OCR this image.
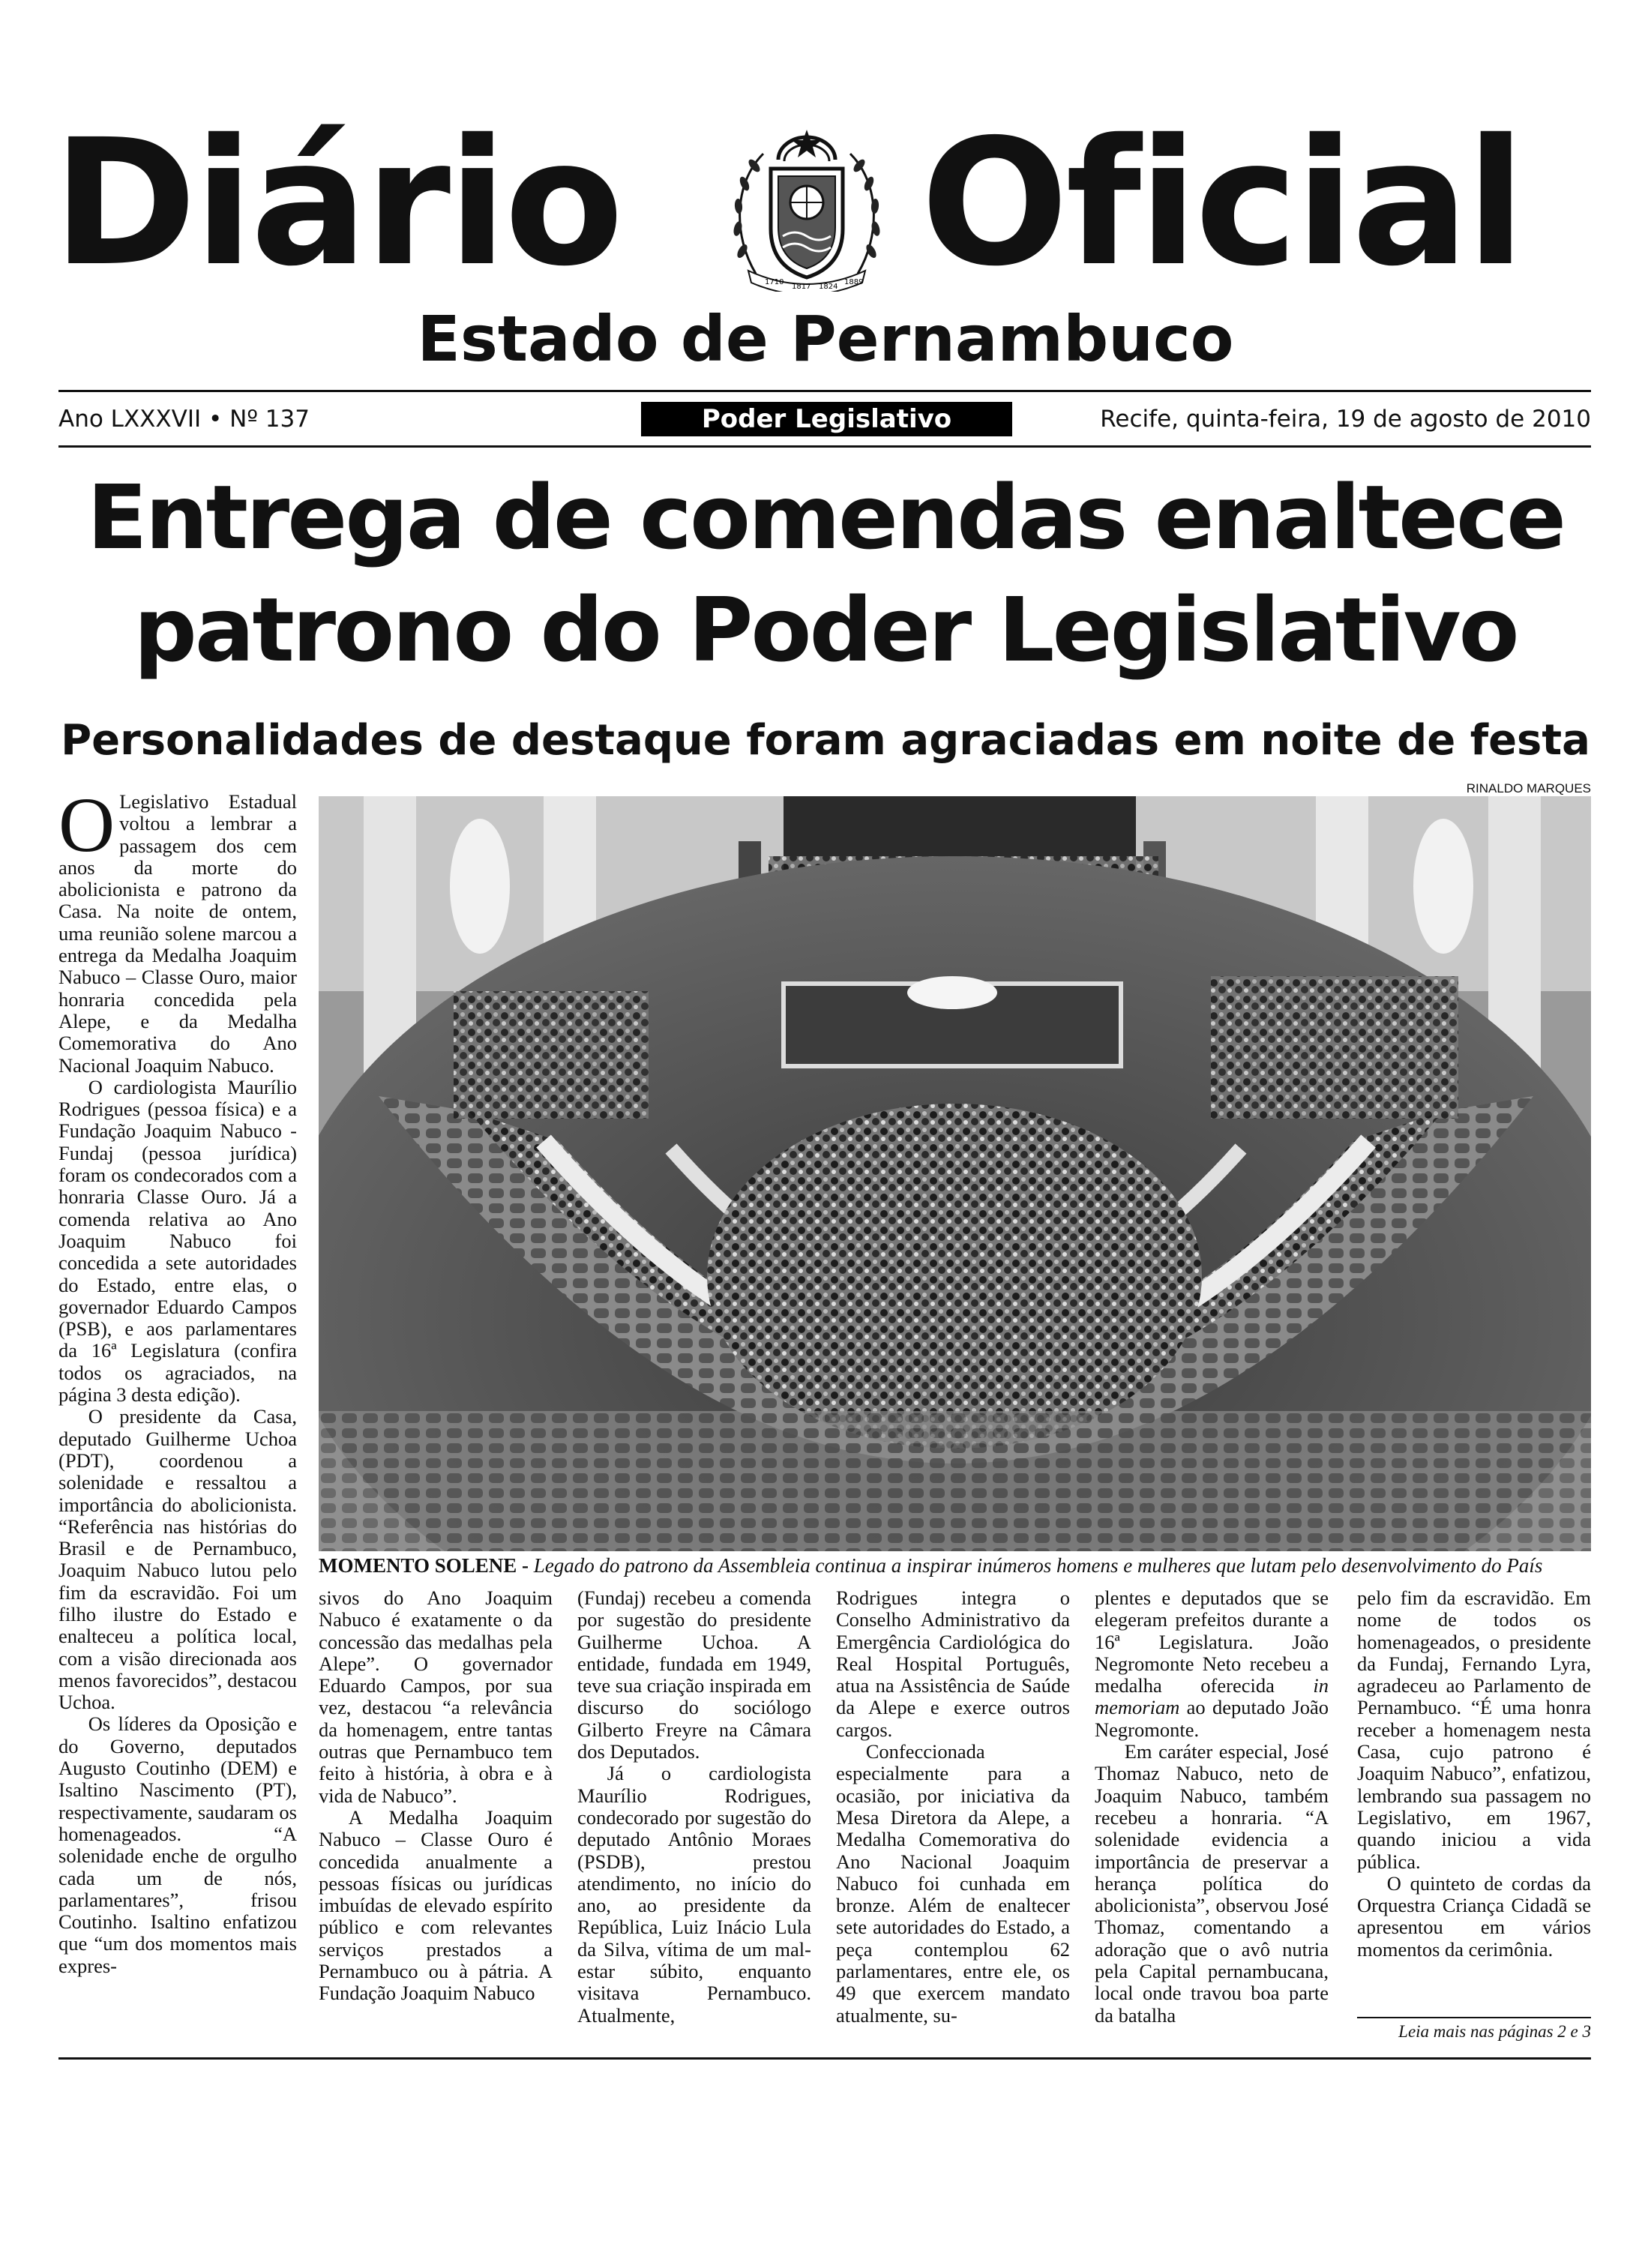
Diário	1710
1817 1824
1889 Oficial
Estado de Pernambuco
Ano LXXXVII • Nº 137	Poder Legislativo	Recife, quinta-feira, 19 de agosto de 2010
Entrega de comendas enaltece
patrono do Poder Legislativo
Personalidades de destaque foram agraciadas em noite de festa
RINALDO MARQUES
MOMENTO SOLENE - Legado do patrono da Assembleia continua a inspirar inúmeros homens e mulheres que lutam pelo desenvolvimento do País

O Legislativo Estadual voltou a lembrar a passagem dos cem anos da morte do abolicionista e patrono da Casa. Na noite de ontem, uma reunião solene marcou a entrega da Medalha Joaquim Nabuco – Classe Ouro, maior honraria concedida pela Alepe, e da Medalha Comemorativa do Ano Nacional Joaquim Nabuco.

O cardiologista Maurílio Rodrigues (pessoa física) e a Fundação Joaquim Nabuco - Fundaj (pessoa jurídica) foram os condecorados com a honraria Classe Ouro. Já a comenda relativa ao Ano Joaquim Nabuco foi concedida a sete autoridades do Estado, entre elas, o governador Eduardo Campos (PSB), e aos parlamentares da 16ª Legislatura (confira todos os agraciados, na página 3 desta edição).

O presidente da Casa, deputado Guilherme Uchoa (PDT), coordenou a solenidade e ressaltou a importância do abolicionista. “Referência nas histórias do Brasil e de Pernambuco, Joaquim Nabuco lutou pelo fim da escravidão. Foi um filho ilustre do Estado e enalteceu a política local, com a visão direcionada aos menos favorecidos”, destacou Uchoa.

Os líderes da Oposição e do Governo, deputados Augusto Coutinho (DEM) e Isaltino Nascimento (PT), respectivamente, saudaram os homenageados. “A solenidade enche de orgulho cada um de nós, parlamentares”, frisou Coutinho. Isaltino enfatizou que “um dos momentos mais expres-

sivos do Ano Joaquim Nabuco é exatamente o da concessão das medalhas pela Alepe”. O governador Eduardo Campos, por sua vez, destacou “a relevância da homenagem, entre tantas outras que Pernambuco tem feito à história, à obra e à vida de Nabuco”.

A Medalha Joaquim Nabuco – Classe Ouro é concedida anualmente a pessoas físicas ou jurídicas imbuídas de elevado espírito público e com relevantes serviços prestados a Pernambuco ou à pátria. A Fundação Joaquim Nabuco

(Fundaj) recebeu a comenda por sugestão do presidente Guilherme Uchoa. A entidade, fundada em 1949, teve sua criação inspirada em discurso do sociólogo Gilberto Freyre na Câmara dos Deputados.

Já o cardiologista Maurílio Rodrigues, condecorado por sugestão do deputado Antônio Moraes (PSDB), prestou atendimento, no início do ano, ao presidente da República, Luiz Inácio Lula da Silva, vítima de um mal-estar súbito, enquanto visitava Pernambuco. Atualmente,

Rodrigues integra o Conselho Administrativo da Emergência Cardiológica do Real Hospital Português, atua na Assistência de Saúde da Alepe e exerce outros cargos.

Confeccionada especialmente para a ocasião, por iniciativa da Mesa Diretora da Alepe, a Medalha Comemorativa do Ano Nacional Joaquim Nabuco foi cunhada em bronze. Além de enaltecer sete autoridades do Estado, a peça contemplou 62 parlamentares, entre ele, os 49 que exercem mandato atualmente, su-

plentes e deputados que se elegeram prefeitos durante a 16ª Legislatura. João Negromonte Neto recebeu a medalha oferecida in memoriam ao deputado João Negromonte.

Em caráter especial, José Thomaz Nabuco, neto de Joaquim Nabuco, também recebeu a honraria. “A solenidade evidencia a importância de preservar a herança política do abolicionista”, observou José Thomaz, comentando a adoração que o avô nutria pela Capital pernambucana, local onde travou boa parte da batalha

pelo fim da escravidão. Em nome de todos os homenageados, o presidente da Fundaj, Fernando Lyra, agradeceu ao Parlamento de Pernambuco. “É uma honra receber a homenagem nesta Casa, cujo patrono é Joaquim Nabuco”, enfatizou, lembrando sua passagem no Legislativo, em 1967, quando iniciou a vida pública.

O quinteto de cordas da Orquestra Criança Cidadã se apresentou em vários momentos da cerimônia.

Leia mais nas páginas 2 e 3
